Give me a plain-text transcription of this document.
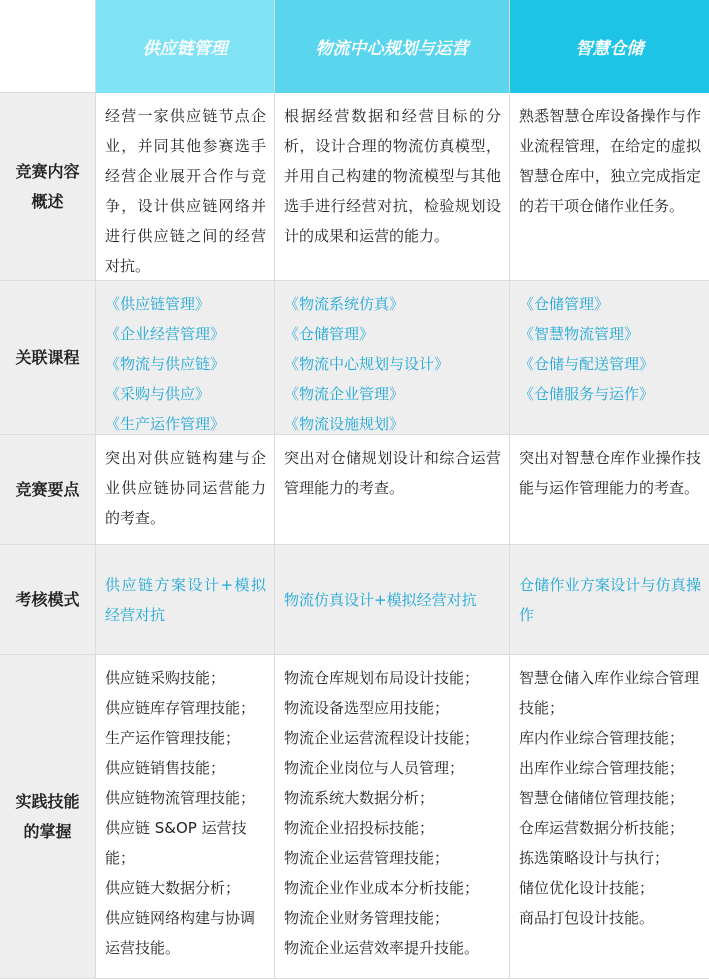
供应链管理	物流中心规划与运营	智慧仓储
竞赛内容概述
经营一家供应链节点企业，并同其他参赛选手经营企业展开合作与竞争，设计供应链网络并进行供应链之间的经营对抗。
根据经营数据和经营目标的分析，设计合理的物流仿真模型，并用自己构建的物流模型与其他选手进行经营对抗，检验规划设计的成果和运营的能力。
熟悉智慧仓库设备操作与作业流程管理，在给定的虚拟智慧仓库中，独立完成指定的若干项仓储作业任务。
关联课程
《供应链管理》
《企业经营管理》
《物流与供应链》
《采购与供应》
《生产运作管理》
《物流系统仿真》
《仓储管理》
《物流中心规划与设计》
《物流企业管理》
《物流设施规划》
《仓储管理》
《智慧物流管理》
《仓储与配送管理》
《仓储服务与运作》
竞赛要点
突出对供应链构建与企业供应链协同运营能力的考查。
突出对仓储规划设计和综合运营管理能力的考查。
突出对智慧仓库作业操作技能与运作管理能力的考查。
考核模式
供应链方案设计+模拟经营对抗
物流仿真设计+模拟经营对抗
仓储作业方案设计与仿真操作
实践技能的掌握
供应链采购技能；
供应链库存管理技能；
生产运作管理技能；
供应链销售技能；
供应链物流管理技能；
供应链 S&OP 运营技能；
供应链大数据分析；
供应链网络构建与协调运营技能。
物流仓库规划布局设计技能；
物流设备选型应用技能；
物流企业运营流程设计技能；
物流企业岗位与人员管理；
物流系统大数据分析；
物流企业招投标技能；
物流企业运营管理技能；
物流企业作业成本分析技能；
物流企业财务管理技能；
物流企业运营效率提升技能。
智慧仓储入库作业综合管理技能；
库内作业综合管理技能；
出库作业综合管理技能；
智慧仓储储位管理技能；
仓库运营数据分析技能；
拣选策略设计与执行；
储位优化设计技能；
商品打包设计技能。
